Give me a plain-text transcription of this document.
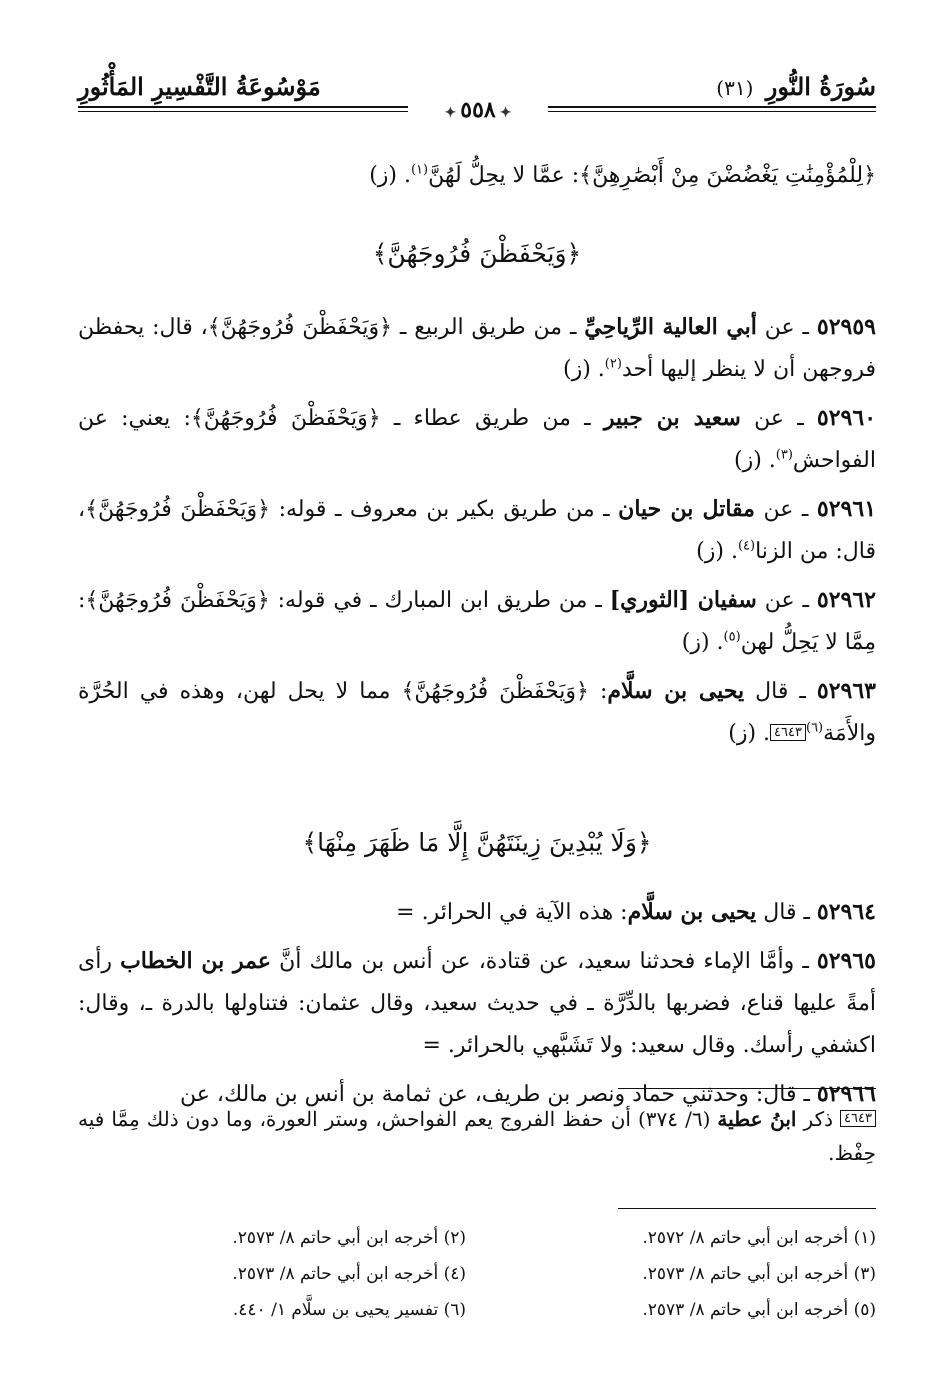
سُورَةُ النُّورِ (٣١)
مَوْسُوعَةُ التَّفْسِيرِ المَأْثُورِ
✦٥٥٨✦
﴿لِلْمُؤْمِنَٰتِ يَغْضُضْنَ مِنْ أَبْصَٰرِهِنَّ﴾: عمَّا لا يحِلُّ لَهُنَّ$^{(١)}$. (ز)
﴿وَيَحْفَظْنَ فُرُوجَهُنَّ﴾

٥٢٩٥٩ ـ عن أبي العالية الرِّياحِيِّ ـ من طريق الربيع ـ ﴿وَيَحْفَظْنَ فُرُوجَهُنَّ﴾، قال: يحفظن فروجهن أن لا ينظر إليها أحد$^{(٢)}$. (ز)

٥٢٩٦٠ ـ عن سعيد بن جبير ـ من طريق عطاء ـ ﴿وَيَحْفَظْنَ فُرُوجَهُنَّ﴾: يعني: عن الفواحش$^{(٣)}$. (ز)

٥٢٩٦١ ـ عن مقاتل بن حيان ـ من طريق بكير بن معروف ـ قوله: ﴿وَيَحْفَظْنَ فُرُوجَهُنَّ﴾، قال: من الزنا$^{(٤)}$. (ز)

٥٢٩٦٢ ـ عن سفيان [الثوري] ـ من طريق ابن المبارك ـ في قوله: ﴿وَيَحْفَظْنَ فُرُوجَهُنَّ﴾: مِمَّا لا يَحِلُّ لهن$^{(٥)}$. (ز)

٥٢٩٦٣ ـ قال يحيى بن سلَّام: ﴿وَيَحْفَظْنَ فُرُوجَهُنَّ﴾ مما لا يحل لهن، وهذه في الحُرَّة والأَمَة$^{(٦)}$٤٦٤٣. (ز)

﴿وَلَا يُبْدِينَ زِينَتَهُنَّ إِلَّا مَا ظَهَرَ مِنْهَا﴾

٥٢٩٦٤ ـ قال يحيى بن سلَّام: هذه الآية في الحرائر. =

٥٢٩٦٥ ـ وأمَّا الإماء فحدثنا سعيد، عن قتادة، عن أنس بن مالك أنَّ عمر بن الخطاب رأى أمةً عليها قناع، فضربها بالدِّرَّة ـ في حديث سعيد، وقال عثمان: فتناولها بالدرة ـ، وقال: اكشفي رأسك. وقال سعيد: ولا تَشَبَّهي بالحرائر. =

٥٢٩٦٦ ـ قال: وحدثني حماد ونصر بن طريف، عن ثمامة بن أنس بن مالك، عن

٤٦٤٣ ذكر ابنُ عطية (٦/ ٣٧٤) أن حفظ الفروج يعم الفواحش، وستر العورة، وما دون ذلك مِمَّا فيه حِفْظ.
(١) أخرجه ابن أبي حاتم ٨/ ٢٥٧٢.
(٣) أخرجه ابن أبي حاتم ٨/ ٢٥٧٣.
(٥) أخرجه ابن أبي حاتم ٨/ ٢٥٧٣.
(٢) أخرجه ابن أبي حاتم ٨/ ٢٥٧٣.
(٤) أخرجه ابن أبي حاتم ٨/ ٢٥٧٣.
(٦) تفسير يحيى بن سلَّام ١/ ٤٤٠.
